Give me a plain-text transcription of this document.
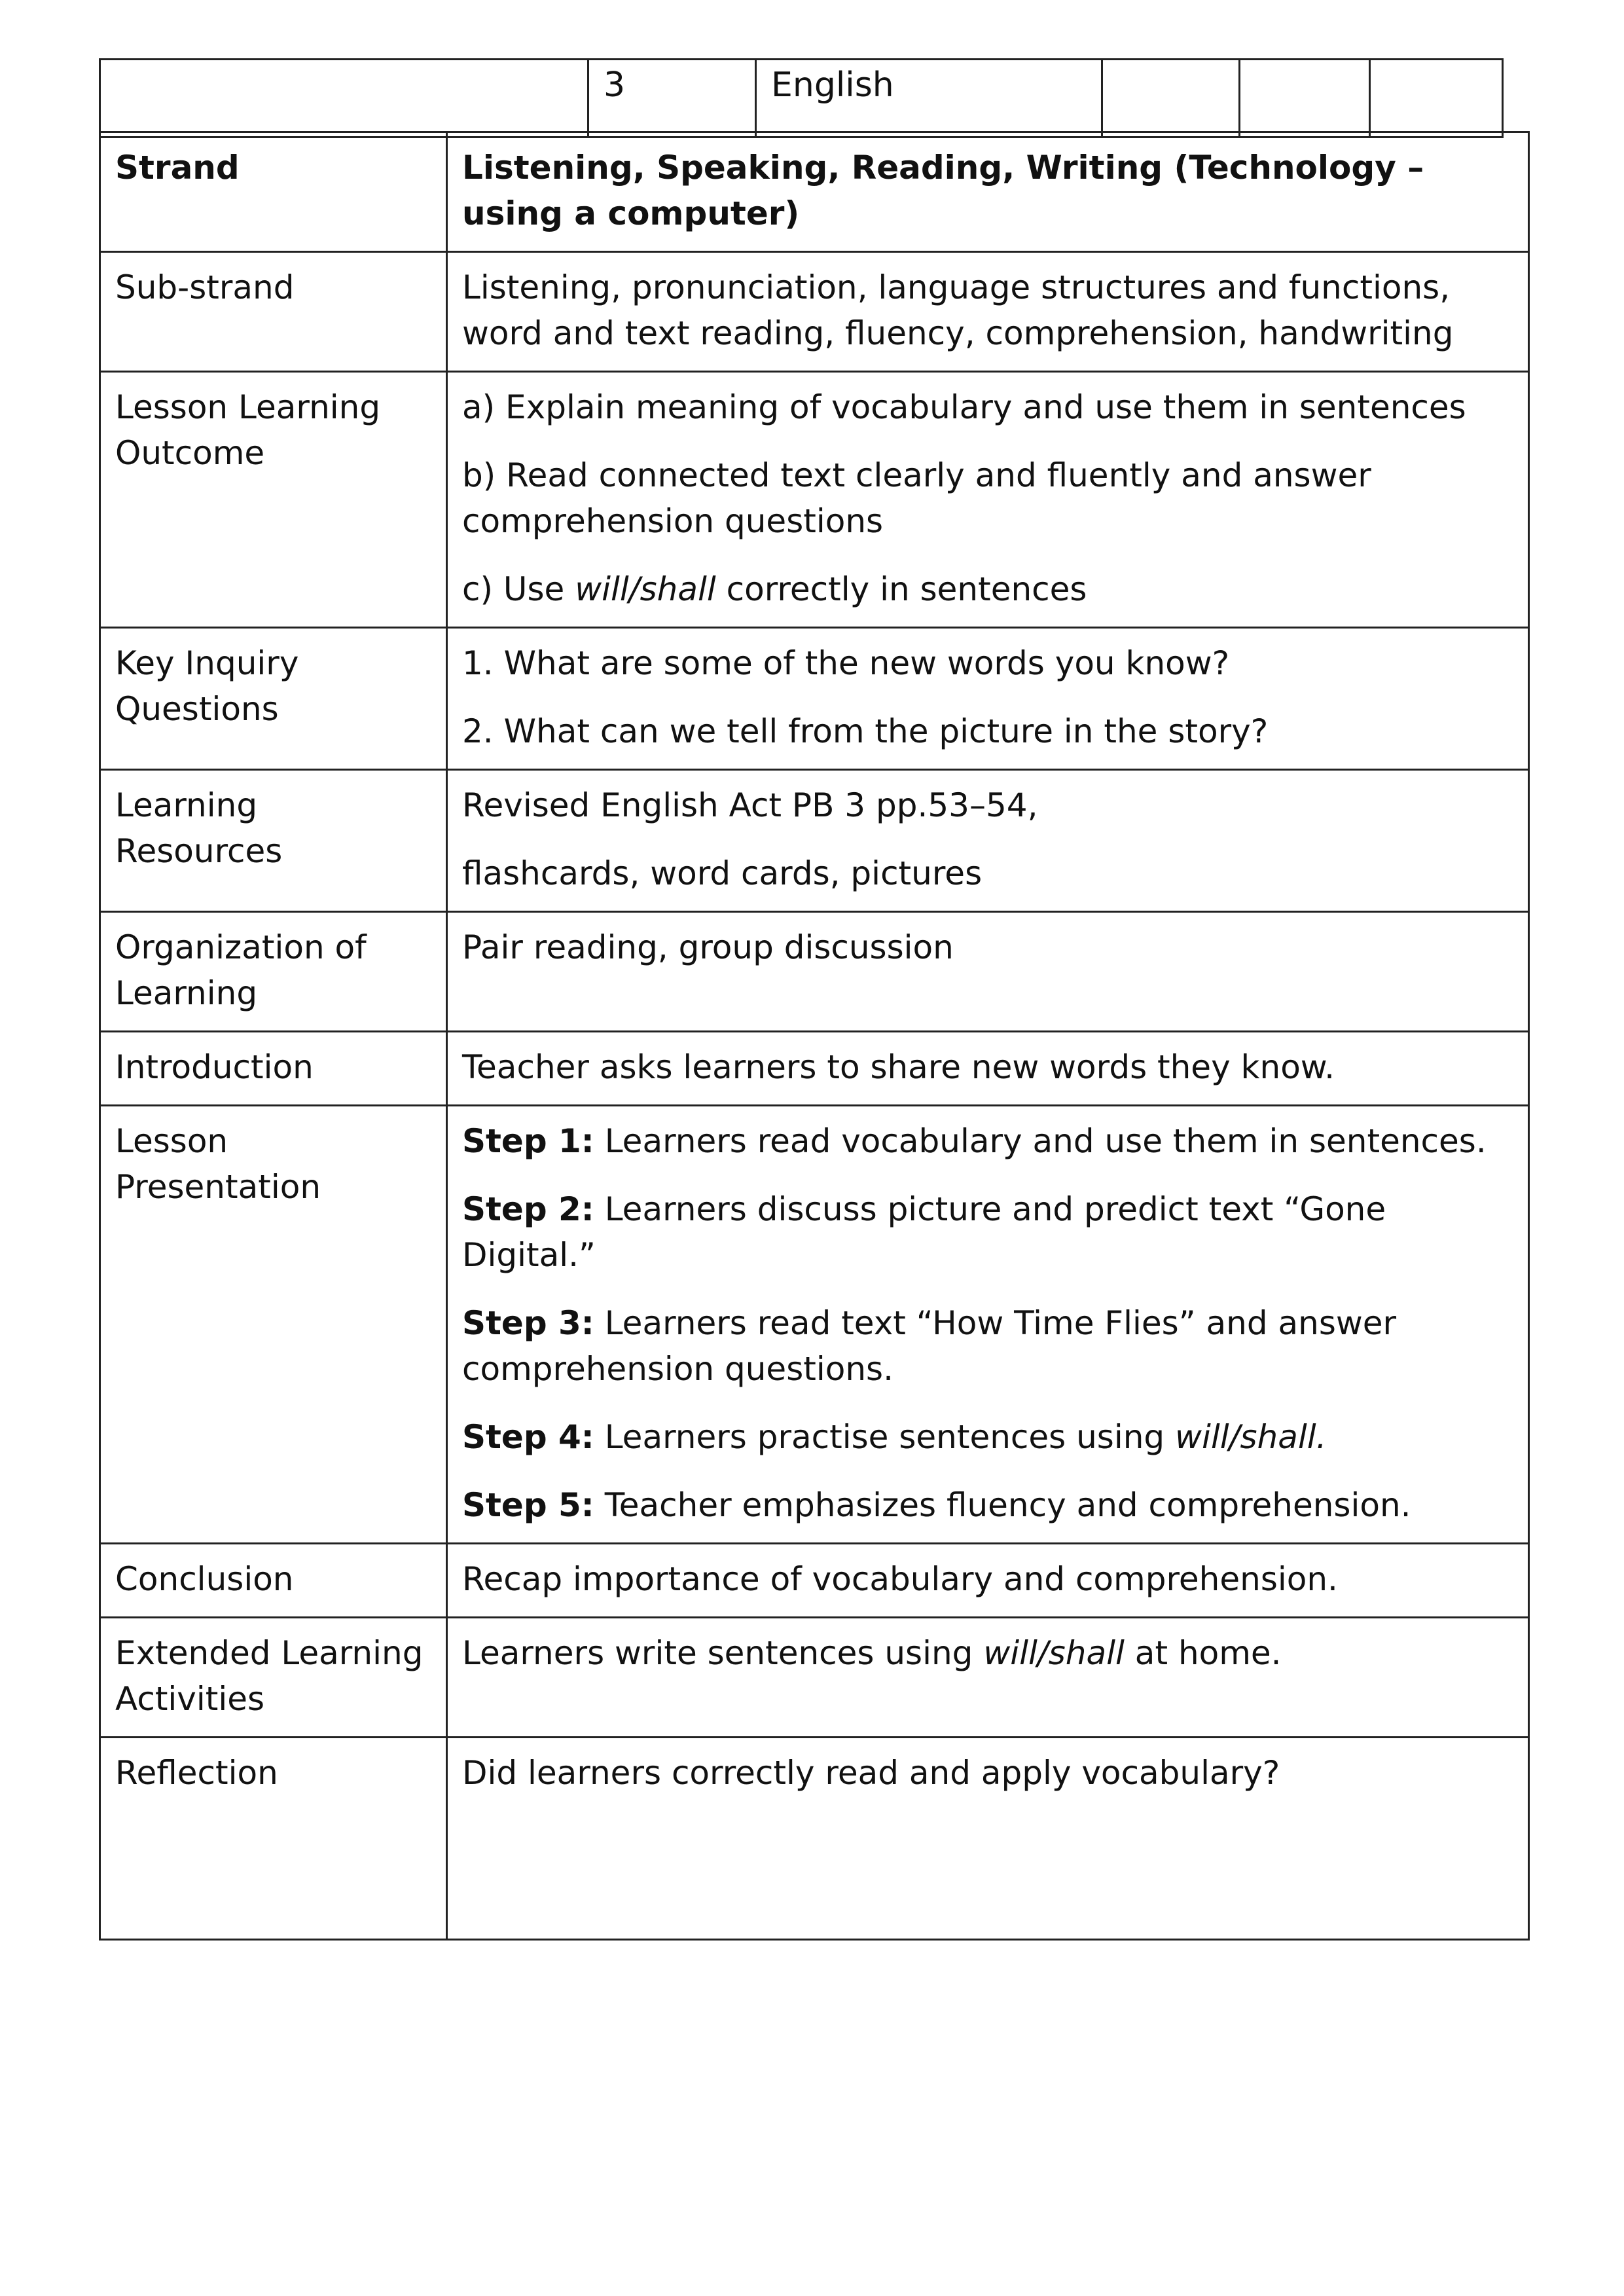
	3	English			
Strand	Listening, Speaking, Reading, Writing (Technology – using a computer)
Sub-strand	Listening, pronunciation, language structures and functions, word and text reading, fluency, comprehension, handwriting
Lesson Learning Outcome	a) Explain meaning of vocabulary and use them in sentences

b) Read connected text clearly and fluently and answer comprehension questions

c) Use will/shall correctly in sentences

Key Inquiry Questions	1. What are some of the new words you know?

2. What can we tell from the picture in the story?

Learning Resources	Revised English Act PB 3 pp.53–54,

flashcards, word cards, pictures

Organization of Learning	Pair reading, group discussion
Introduction	Teacher asks learners to share new words they know.
Lesson Presentation	Step 1: Learners read vocabulary and use them in sentences.

Step 2: Learners discuss picture and predict text “Gone Digital.”

Step 3: Learners read text “How Time Flies” and answer comprehension questions.

Step 4: Learners practise sentences using will/shall.

Step 5: Teacher emphasizes fluency and comprehension.

Conclusion	Recap importance of vocabulary and comprehension.
Extended Learning Activities	Learners write sentences using will/shall at home.
Reflection	Did learners correctly read and apply vocabulary?
